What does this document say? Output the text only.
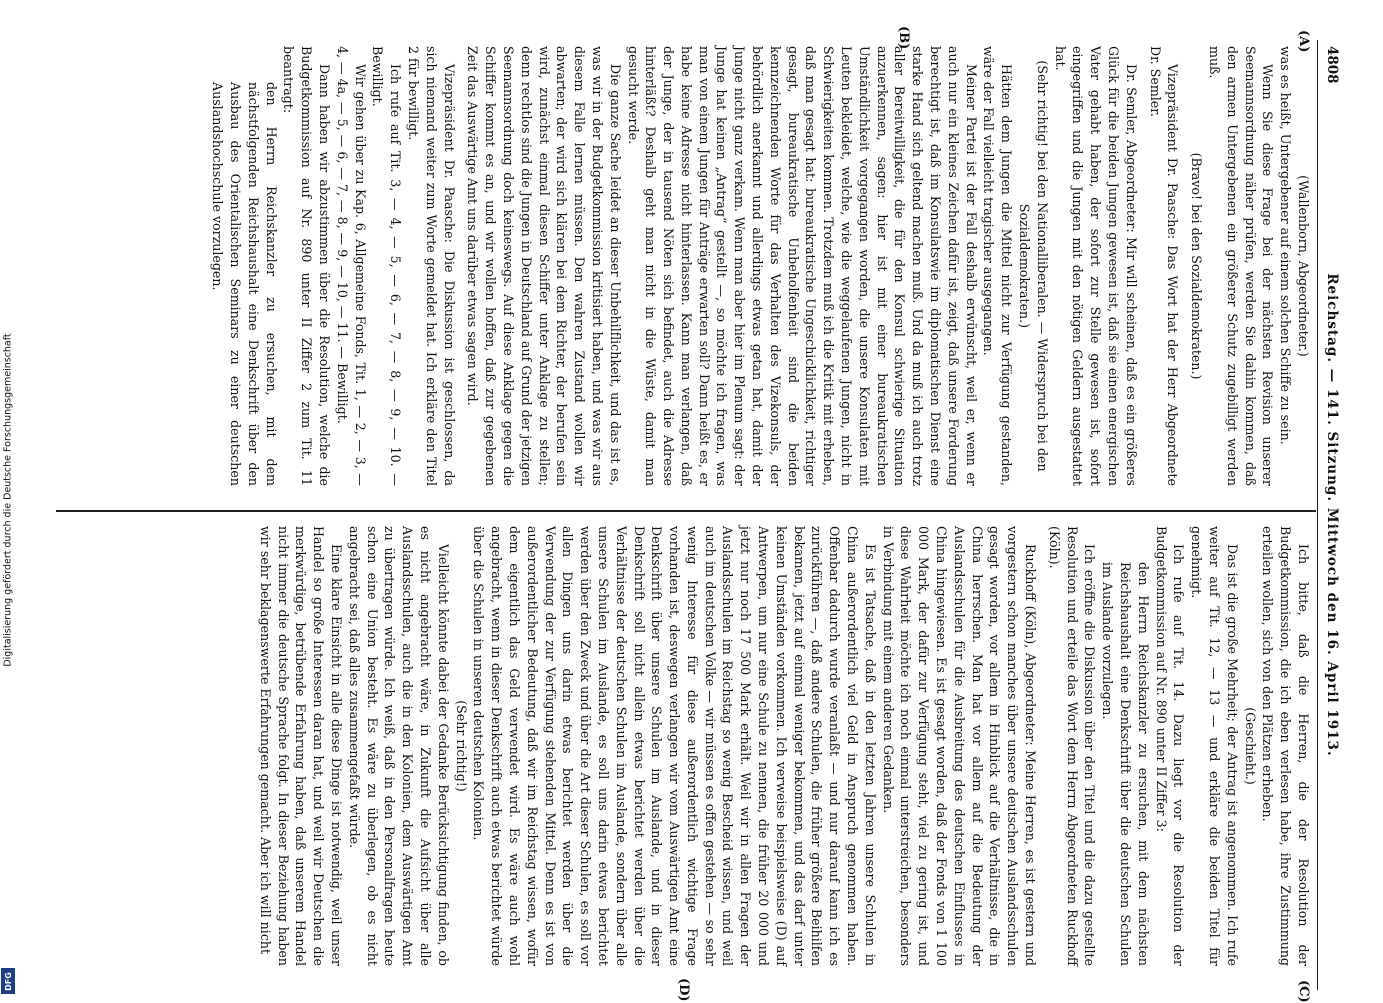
Digitalisierung gefördert durch die Deutsche Forschungsgemeinschaft
DFG
4808
Reichstag. — 141. Sitzung. Mittwoch den 16. April 1913.
(A)
(B)

(Wallenborn, Abgeordneter.)

was es heißt, Untergebener auf einem solchen Schiffe zu sein.

Wenn Sie diese Frage bei der nächsten Revision unserer Seemannsordnung näher prüfen, werden Sie dahin kommen, daß den armen Untergebenen ein größerer Schutz zugebilligt werden muß.

(Bravo! bei den Sozialdemokraten.)

Vizepräsident Dr. Paasche: Das Wort hat der Herr Abgeordnete Dr. Semler.

Dr. Semler, Abgeordneter: Mir will scheinen, daß es ein größeres Glück für die beiden Jungen gewesen ist, daß sie einen energischen Vater gehabt haben, der sofort zur Stelle gewesen ist, sofort eingegriffen und die Jungen mit den nötigen Geldern ausgestattet hat.

(Sehr richtig! bei den Nationalliberalen. — Widerspruch bei den Sozialdemokraten.)

Hätten dem Jungen die Mittel nicht zur Verfügung gestanden, wäre der Fall vielleicht tragischer ausgegangen.

Meiner Partei ist der Fall deshalb erwünscht, weil er, wenn er auch nur ein kleines Zeichen dafür ist, zeigt, daß unsere Forderung berechtigt ist, daß im Konsulatswie im diplomatischen Dienst eine starke Hand sich geltend machen muß. Und da muß ich auch trotz aller Bereitwilligkeit, die für den Konsul schwierige Situation anzuerkennen, sagen: hier ist mit einer bureaukratischen Umständlichkeit vorgegangen worden, die unsere Konsulaten mit Leuten bekleidet, welche, wie die weggelaufenen Jungen, nicht in Schwierigkeiten kommen. Trotzdem muß ich die Kritik mit erheben, daß man gesagt hat: bureaukratische Ungeschicklichkeit, richtiger gesagt, bureaukratische Unbeholfenheit sind die beiden kennzeichnenden Worte für das Verhalten des Vizekonsuls, der behördlich anerkannt und allerdings etwas getan hat, damit der Junge nicht ganz verkam. Wenn man aber hier im Plenum sagt: der Junge hat keinen „Antrag“ gestellt —, so möchte ich fragen, was man von einem Jungen für Anträge erwarten soll? Dann heißt es, er habe keine Adresse nicht hinterlassen. Kann man verlangen, daß der Junge, der in tausend Nöten sich befindet, auch die Adresse hinterläßt? Deshalb geht man nicht in die Wüste, damit man gesucht werde.

Die ganze Sache leidet an dieser Unbehilflichkeit, und das ist es, was wir in der Budgetkommission kritisiert haben, und was wir aus diesem Falle lernen müssen. Den wahren Zustand wollen wir abwarten; der wird sich klären bei dem Richter, der berufen sein wird, zunächst einmal diesen Schiffer unter Anklage zu stellen; denn rechtlos sind die Jungen in Deutschland auf Grund der jetzigen Seemannsordnung doch keineswegs. Auf diese Anklage gegen die Schiffer kommt es an, und wir wollen hoffen, daß zur gegebenen Zeit das Auswärtige Amt uns darüber etwas sagen wird.

Vizepräsident Dr. Paasche: Die Diskussion ist geschlossen, da sich niemand weiter zum Worte gemeldet hat. Ich erkläre den Titel 2 für bewilligt.

Ich rufe auf Tit. 3, — 4, — 5, — 6, — 7, — 8, — 9, — 10. — Bewilligt.

Wir gehen über zu Kap. 6, Allgemeine Fonds, Tit. 1, — 2, — 3, — 4, — 4a, — 5, — 6, — 7, — 8, — 9, — 10, — 11. — Bewilligt.

Dann haben wir abzustimmen über die Resolution, welche die Budgetkommission auf Nr. 890 unter II Ziffer 2 zum Tit. 11 beantragt:

den Herrn Reichskanzler zu ersuchen, mit dem nächstfolgenden Reichshaushalt eine Denkschrift über den Ausbau des Orientalischen Seminars zu einer deutschen Auslandshochschule vorzulegen.

(C)
(D)

Ich bitte, daß die Herren, die der Resolution der Budgetkommission, die ich eben verlesen habe, ihre Zustimmung erteilen wollen, sich von den Plätzen erheben.

(Geschieht.)

Das ist die große Mehrheit; der Antrag ist angenommen. Ich rufe weiter auf Tit. 12, — 13 — und erkläre die beiden Titel für genehmigt.

Ich rufe auf Tit. 14. Dazu liegt vor die Resolution der Budgetkommission auf Nr. 890 unter II Ziffer 3:

den Herrn Reichskanzler zu ersuchen, mit dem nächsten Reichshaushalt eine Denkschrift über die deutschen Schulen im Auslande vorzulegen.

Ich eröffne die Diskussion über den Titel und die dazu gestellte Resolution und erteile das Wort dem Herrn Abgeordneten Ruckhoff (Köln).

Ruckhoff (Köln), Abgeordneter: Meine Herren, es ist gestern und vorgestern schon manches über unsere deutschen Auslandsschulen gesagt worden, vor allem in Hinblick auf die Verhältnisse, die in China herrschen. Man hat vor allem auf die Bedeutung der Auslandsschulen für die Ausbreitung des deutschen Einflusses in China hingewiesen. Es ist gesagt worden, daß der Fonds von 1 100 000 Mark, der dafür zur Verfügung steht, viel zu gering ist, und diese Wahrheit möchte ich noch einmal unterstreichen, besonders in Verbindung mit einem anderen Gedanken.

Es ist Tatsache, daß in den letzten Jahren unsere Schulen in China außerordentlich viel Geld in Anspruch genommen haben. Offenbar dadurch wurde veranlaßt — und nur darauf kann ich es zurückführen —, daß andere Schulen, die früher größere Beihilfen bekamen, jetzt auf einmal weniger bekommen, und das darf unter keinen Umständen vorkommen. Ich verweise beispielsweise (D) auf Antwerpen, um nur eine Schule zu nennen, die früher 20 000 und jetzt nur noch 17 500 Mark erhält. Weil wir in allen Fragen der Auslandsschulen im Reichstag so wenig Bescheid wissen, und weil auch im deutschen Volke — wir müssen es offen gestehen — so sehr wenig Interesse für diese außerordentlich wichtige Frage vorhanden ist, deswegen verlangen wir vom Auswärtigen Amt eine Denkschrift über unsere Schulen im Auslande, und in dieser Denkschrift soll nicht allein etwas berichtet werden über die Verhältnisse der deutschen Schulen im Auslande, sondern über alle unsere Schulen im Auslande, es soll uns darin etwas berichtet werden über den Zweck und über die Art dieser Schulen, es soll vor allen Dingen uns darin etwas berichtet werden über die Verwendung der zur Verfügung stehenden Mittel. Denn es ist von außerordentlicher Bedeutung, daß wir im Reichstag wissen, wofür dem eigentlich das Geld verwendet wird. Es wäre auch wohl angebracht, wenn in dieser Denkschrift auch etwas berichtet würde über die Schulen in unseren deutschen Kolonien.

(Sehr richtig!)

Vielleicht könnte dabei der Gedanke Berücksichtigung finden, ob es nicht angebracht wäre, in Zukunft die Aufsicht über alle Auslandsschulen, auch die in den Kolonien, dem Auswärtigen Amt zu übertragen würde. Ich weiß, daß in den Personalfragen heute schon eine Union besteht. Es wäre zu überlegen, ob es nicht angebracht sei, daß alles zusammengefaßt würde.

Eine klare Einsicht in alle diese Dinge ist notwendig, weil unser Handel so große Interessen daran hat, und weil wir Deutschen die merkwürdige, betrübende Erfahrung haben, daß unserem Handel nicht immer die deutsche Sprache folgt. In dieser Beziehung haben wir sehr beklagenswerte Erfahrungen gemacht. Aber ich will nicht
